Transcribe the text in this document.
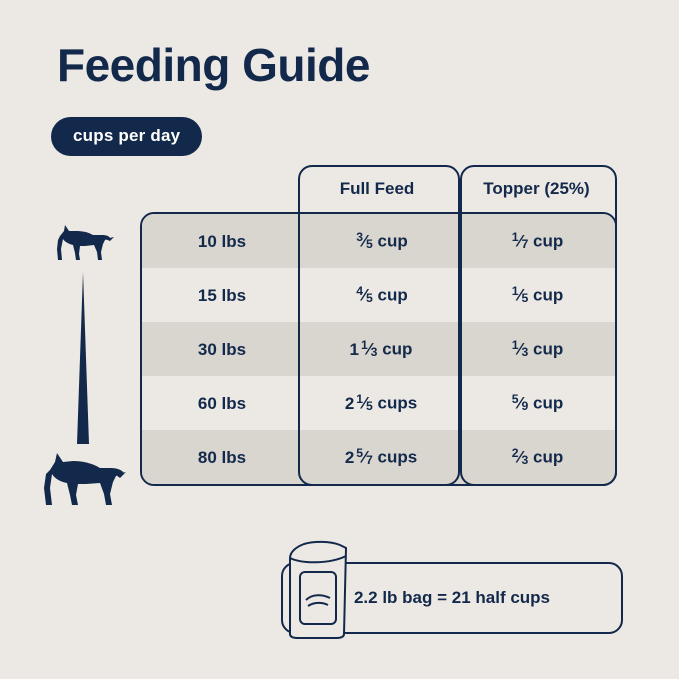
Feeding Guide
cups per day
10 lbs	$^3⁄_5$ cup	$^1⁄_7$ cup
15 lbs	$^4⁄_5$ cup	$^1⁄_5$ cup
30 lbs	1 $^1⁄_3$ cup	$^1⁄_3$ cup
60 lbs	2 $^1⁄_5$ cups	$^5⁄_9$ cup
80 lbs	2 $^5⁄_7$ cups	$^2⁄_3$ cup
Full Feed	Topper (25%)
2.2 lb bag = 21 half cups
